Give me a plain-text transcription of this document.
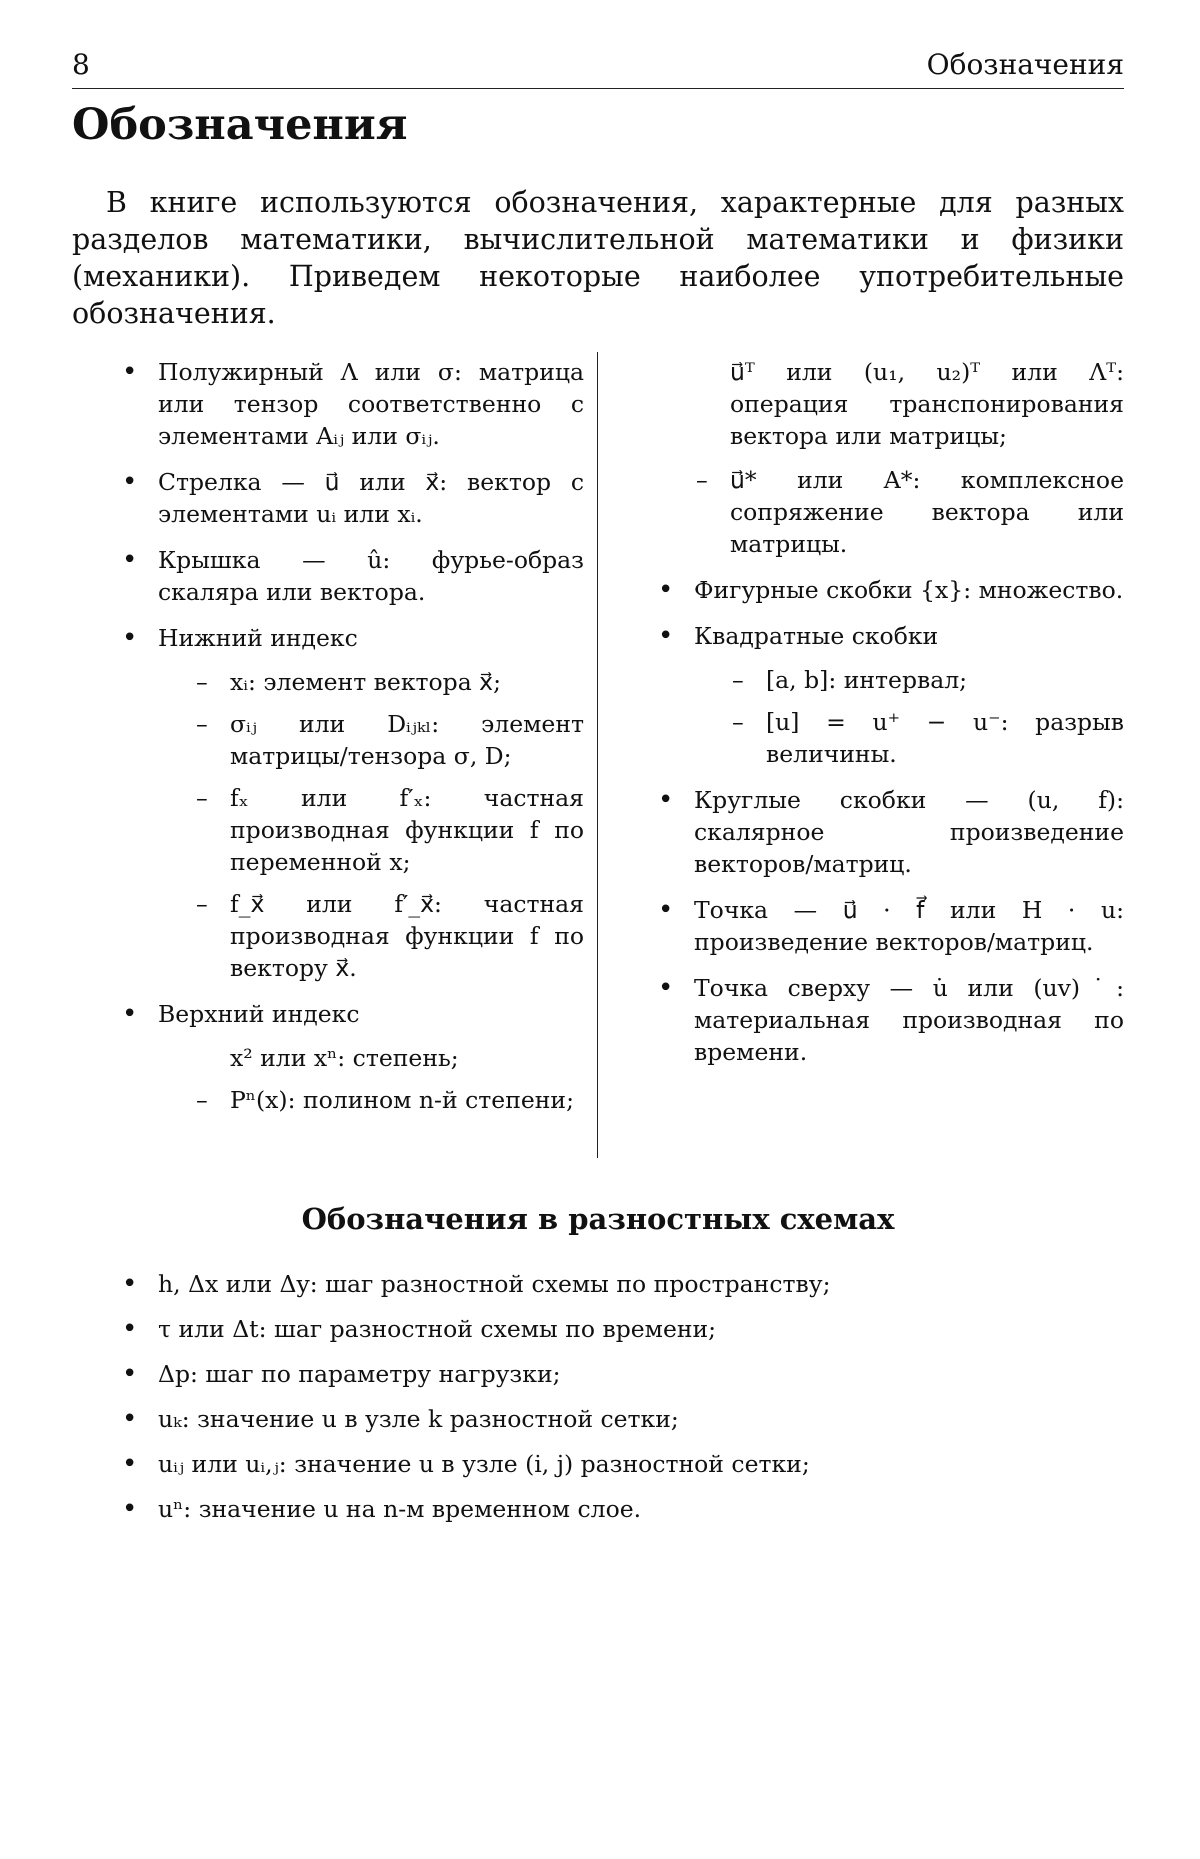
8	Обозначения
Обозначения

В книге используются обозначения, характерные для разных разделов математики, вычислительной математики и физики (механики). Приведем некоторые наиболее употребительные обозначения.

• Полужирный Λ или σ: матрица или тензор соответственно с элементами Aᵢⱼ или σᵢⱼ.
• Стрелка — u⃗ или x⃗: вектор с элементами uᵢ или xᵢ.
• Крышка — û: фурье-образ скаляра или вектора.
• Нижний индекс
– xᵢ: элемент вектора x⃗;
– σᵢⱼ или Dᵢⱼₖₗ: элемент матрицы/тензора σ, D;
– fₓ или f′ₓ: частная производная функции f по переменной x;
– f_x⃗ или f′_x⃗: частная производная функции f по вектору x⃗.
• Верхний индекс
x² или xⁿ: степень;
– Pⁿ(x): полином n-й степени;
u⃗ᵀ или (u₁, u₂)ᵀ или Λᵀ: операция транспонирования вектора или матрицы;
– u⃗* или A*: комплексное сопряжение вектора или матрицы.
• Фигурные скобки {x}: множество.
• Квадратные скобки
– [a, b]: интервал;
– [u] = u⁺ − u⁻: разрыв величины.
• Круглые скобки — (u, f): скалярное произведение векторов/матриц.
• Точка — u⃗ · f⃗ или H · u: произведение векторов/матриц.
• Точка сверху — u̇ или (uv)˙: материальная производная по времени.
Обозначения в разностных схемах
• h, Δx или Δy: шаг разностной схемы по пространству;
• τ или Δt: шаг разностной схемы по времени;
• Δp: шаг по параметру нагрузки;
• uₖ: значение u в узле k разностной сетки;
• uᵢⱼ или uᵢ,ⱼ: значение u в узле (i, j) разностной сетки;
• uⁿ: значение u на n-м временном слое.
